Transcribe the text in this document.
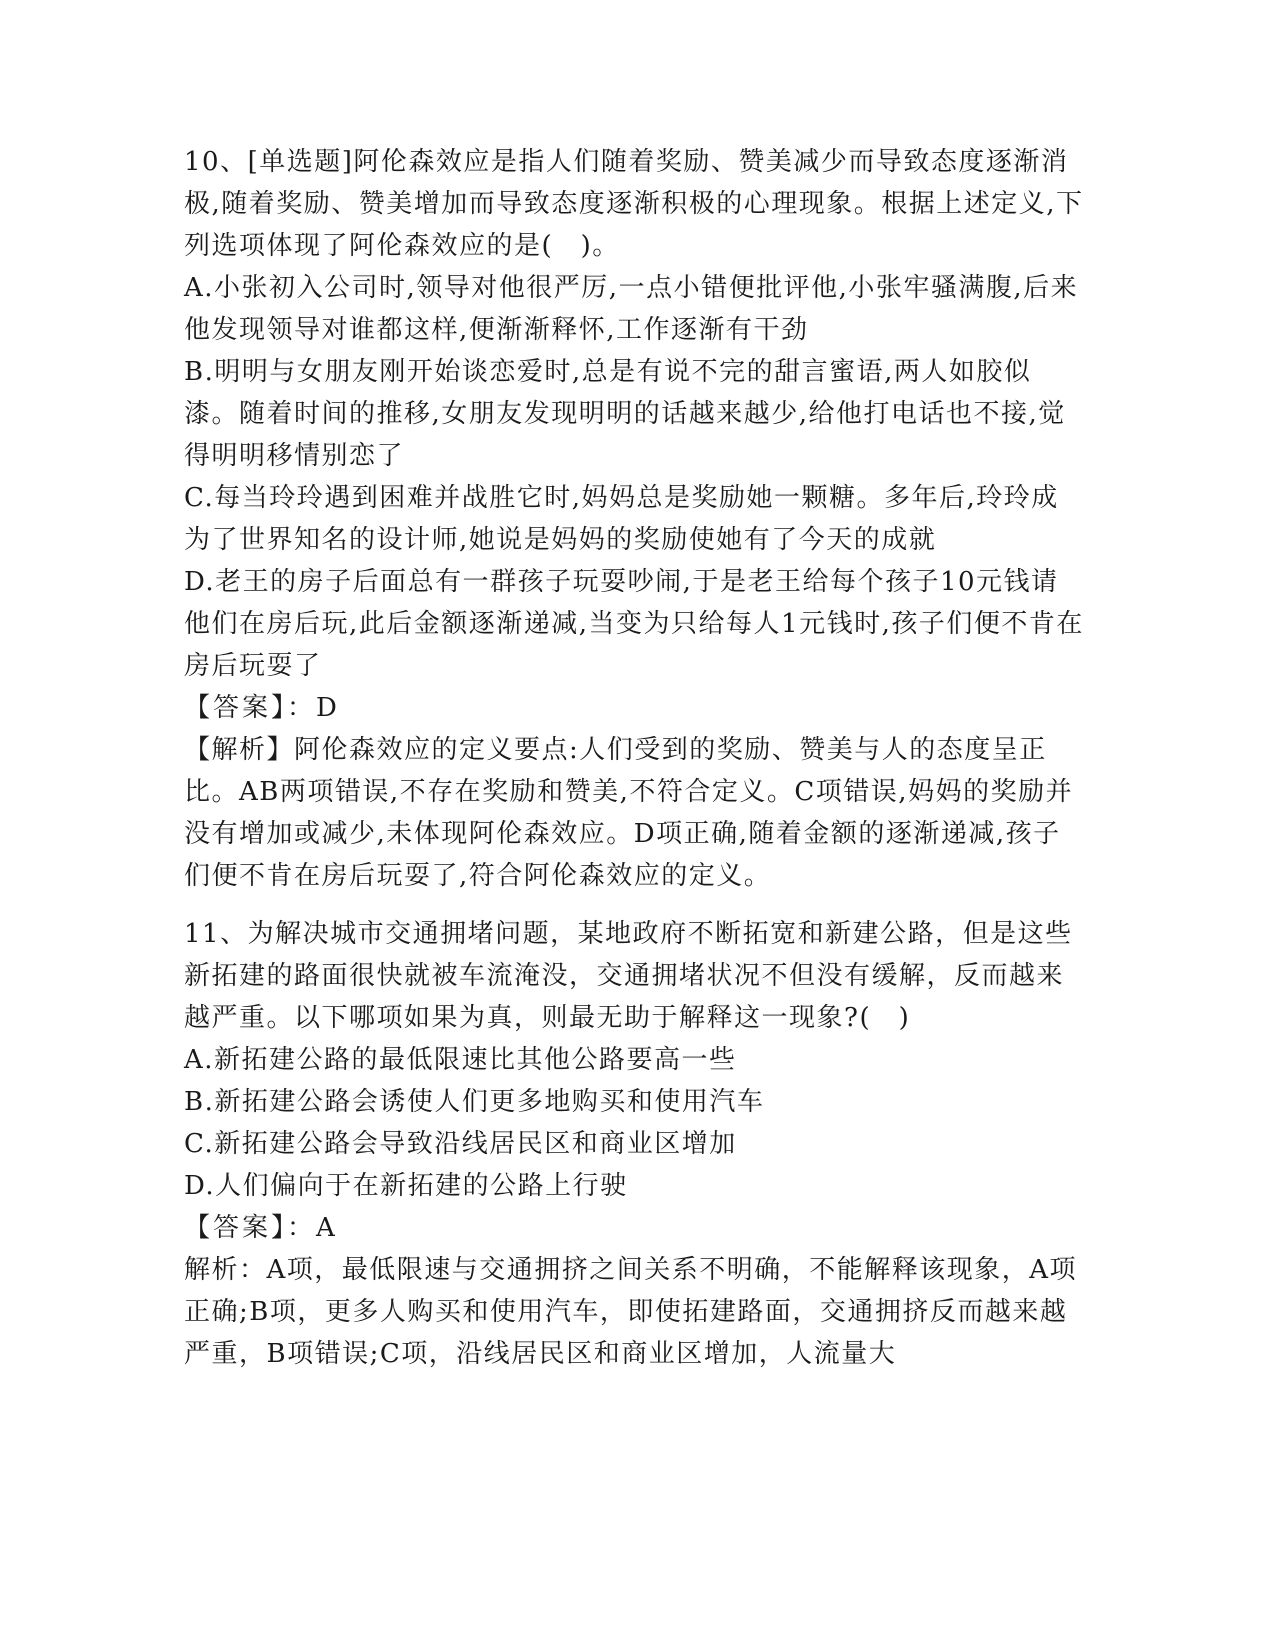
10、[单选题]阿伦森效应是指人们随着奖励、赞美减少而导致态度逐渐消极,随着奖励、赞美增加而导致态度逐渐积极的心理现象。根据上述定义,下列选项体现了阿伦森效应的是(　)。

A.小张初入公司时,领导对他很严厉,一点小错便批评他,小张牢骚满腹,后来他发现领导对谁都这样,便渐渐释怀,工作逐渐有干劲

B.明明与女朋友刚开始谈恋爱时,总是有说不完的甜言蜜语,两人如胶似漆。随着时间的推移,女朋友发现明明的话越来越少,给他打电话也不接,觉得明明移情别恋了

C.每当玲玲遇到困难并战胜它时,妈妈总是奖励她一颗糖。多年后,玲玲成为了世界知名的设计师,她说是妈妈的奖励使她有了今天的成就

D.老王的房子后面总有一群孩子玩耍吵闹,于是老王给每个孩子10元钱请他们在房后玩,此后金额逐渐递减,当变为只给每人1元钱时,孩子们便不肯在房后玩耍了

【答案】：D

【解析】阿伦森效应的定义要点:人们受到的奖励、赞美与人的态度呈正比。AB两项错误,不存在奖励和赞美,不符合定义。C项错误,妈妈的奖励并没有增加或减少,未体现阿伦森效应。D项正确,随着金额的逐渐递减,孩子们便不肯在房后玩耍了,符合阿伦森效应的定义。

11、为解决城市交通拥堵问题，某地政府不断拓宽和新建公路，但是这些新拓建的路面很快就被车流淹没，交通拥堵状况不但没有缓解，反而越来越严重。以下哪项如果为真，则最无助于解释这一现象?(　)

A.新拓建公路的最低限速比其他公路要高一些

B.新拓建公路会诱使人们更多地购买和使用汽车

C.新拓建公路会导致沿线居民区和商业区增加

D.人们偏向于在新拓建的公路上行驶

【答案】：A

解析：A项，最低限速与交通拥挤之间关系不明确，不能解释该现象，A项正确;B项，更多人购买和使用汽车，即使拓建路面，交通拥挤反而越来越严重，B项错误;C项，沿线居民区和商业区增加，人流量大
